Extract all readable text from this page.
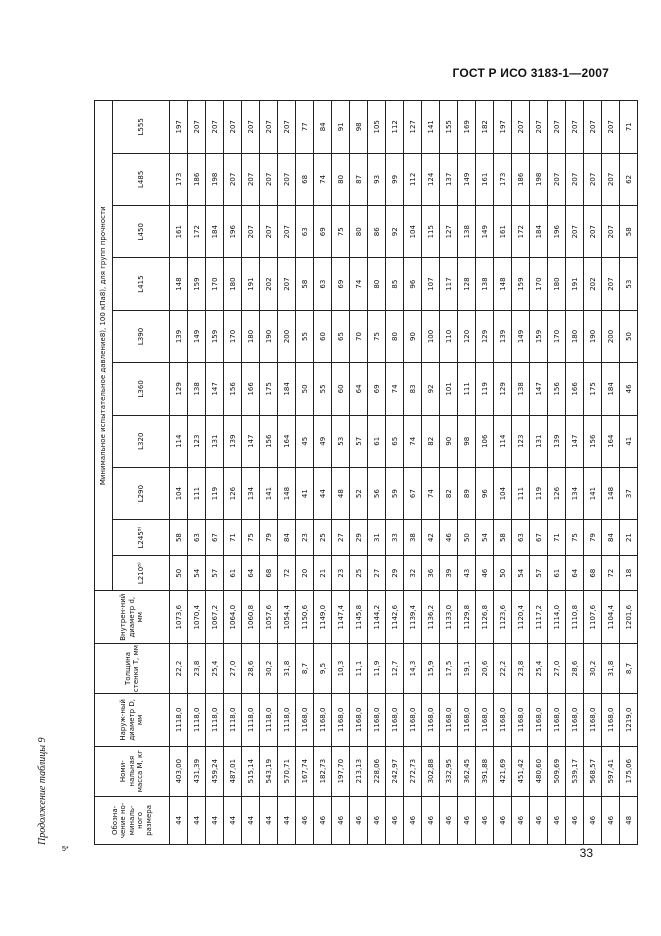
ГОСТ Р ИСО 3183-1—2007
Продолжение таблицы 9	Обозна-чение но-миналь-ного размера	Номи-нальная масса M, кг	Наруж-ный диаметр D, мм	Толщина стенки T, мм	Внутрен-ний диаметр d, мм	Минимальное испытательное давление8), 100 кПа8), для групп прочности									
					L210⁸⁾	L245⁸⁾	L290	L320	L360	L390	L415	L450	L485	L555
44	403,00	1118,0	22,2	1073,6	50	58	104	114	129	139	148	161	173	197
44	431,39	1118,0	23,8	1070,4	54	63	111	123	138	149	159	172	186	207
44	459,24	1118,0	25,4	1067,2	57	67	119	131	147	159	170	184	198	207
44	487,01	1118,0	27,0	1064,0	61	71	126	139	156	170	180	196	207	207
44	515,14	1118,0	28,6	1060,8	64	75	134	147	166	180	191	207	207	207
44	543,19	1118,0	30,2	1057,6	68	79	141	156	175	190	202	207	207	207
44	570,71	1118,0	31,8	1054,4	72	84	148	164	184	200	207	207	207	207
46	167,74	1168,0	8,7	1150,6	20	23	41	45	50	55	58	63	68	77
46	182,73	1168,0	9,5	1149,0	21	25	44	49	55	60	63	69	74	84
46	197,70	1168,0	10,3	1147,4	23	27	48	53	60	65	69	75	80	91
46	213,13	1168,0	11,1	1145,8	25	29	52	57	64	70	74	80	87	98
46	228,06	1168,0	11,9	1144,2	27	31	56	61	69	75	80	86	93	105
46	242,97	1168,0	12,7	1142,6	29	33	59	65	74	80	85	92	99	112
46	272,73	1168,0	14,3	1139,4	32	38	67	74	83	90	96	104	112	127
46	302,88	1168,0	15,9	1136,2	36	42	74	82	92	100	107	115	124	141
46	332,95	1168,0	17,5	1133,0	39	46	82	90	101	110	117	127	137	155
46	362,45	1168,0	19,1	1129,8	43	50	89	98	111	120	128	138	149	169
46	391,88	1168,0	20,6	1126,8	46	54	96	106	119	129	138	149	161	182
46	421,69	1168,0	22,2	1123,6	50	58	104	114	129	139	148	161	173	197
46	451,42	1168,0	23,8	1120,4	54	63	111	123	138	149	159	172	186	207
46	480,60	1168,0	25,4	1117,2	57	67	119	131	147	159	170	184	198	207
46	509,69	1168,0	27,0	1114,0	61	71	126	139	156	170	180	196	207	207
46	539,17	1168,0	28,6	1110,8	64	75	134	147	166	180	191	207	207	207
46	568,57	1168,0	30,2	1107,6	68	79	141	156	175	190	202	207	207	207
46	597,41	1168,0	31,8	1104,4	72	84	148	164	184	200	207	207	207	207
48	175,06	1219,0	8,7	1201,6	18	21	37	41	46	50	53	58	62	71
5*	33
